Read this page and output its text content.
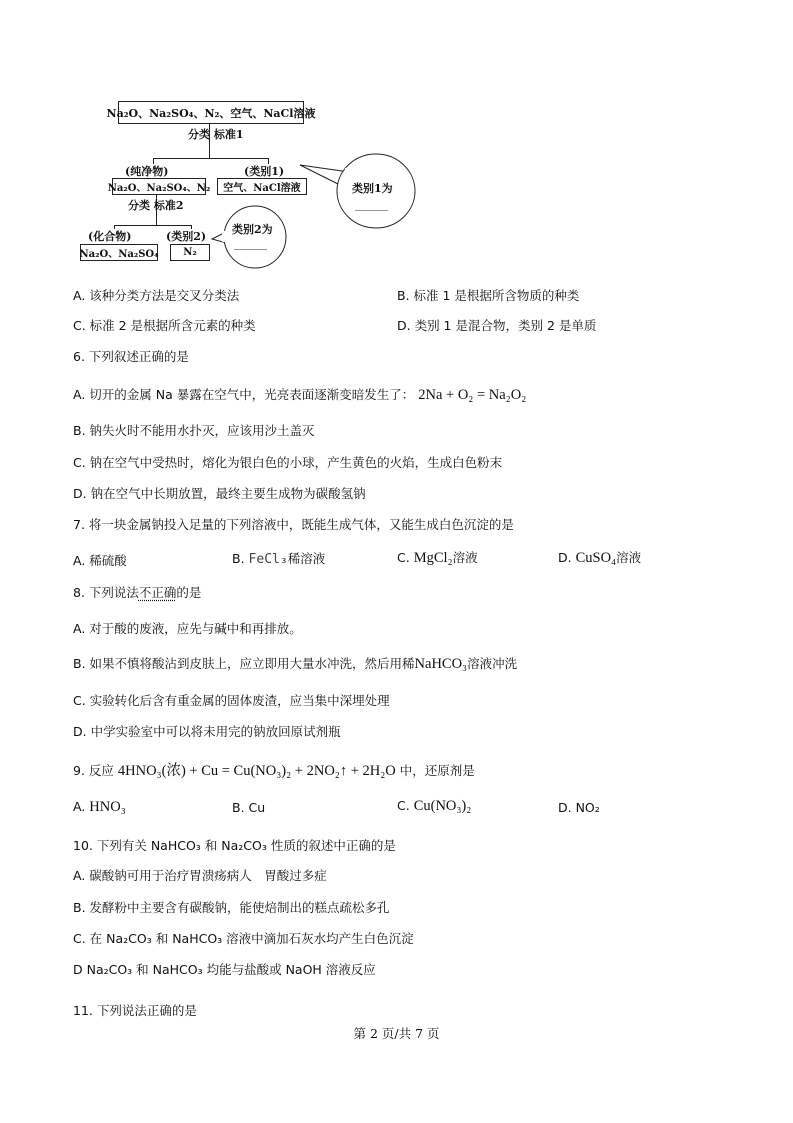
Na₂O、Na₂SO₄、N₂、空气、NaCl溶液
分类 标准1
(纯净物)
Na₂O、Na₂SO₄、N₂
(类别1)
空气、NaCl溶液	类别1为
______
分类 标准2
(化合物)
Na₂O、Na₂SO₄
(类别2)
N₂
类别2为
______
A. 该种分类方法是交叉分类法	B. 标准 1 是根据所含物质的种类
C. 标准 2 是根据所含元素的种类	D. 类别 1 是混合物，类别 2 是单质
6. 下列叙述正确的是
A. 切开的金属 Na 暴露在空气中，光亮表面逐渐变暗发生了： 2Na + O₂ = Na₂O₂
B. 钠失火时不能用水扑灭，应该用沙土盖灭
C. 钠在空气中受热时，熔化为银白色的小球，产生黄色的火焰，生成白色粉末
D. 钠在空气中长期放置，最终主要生成物为碳酸氢钠
7. 将一块金属钠投入足量的下列溶液中，既能生成气体，又能生成白色沉淀的是
A. 稀硫酸	B. FeCl₃稀溶液	C. MgCl₂溶液	D. CuSO₄溶液
8. 下列说法不正确的是
A. 对于酸的废液，应先与碱中和再排放。
B. 如果不慎将酸沾到皮肤上，应立即用大量水冲洗，然后用稀NaHCO₃溶液冲洗
C. 实验转化后含有重金属的固体废渣，应当集中深埋处理
D. 中学实验室中可以将未用完的钠放回原试剂瓶
9. 反应 4HNO₃(浓) + Cu = Cu(NO₃)₂ + 2NO₂↑ + 2H₂O 中，还原剂是
A. HNO₃	B. Cu	C. Cu(NO₃)₂	D. NO₂
10. 下列有关 NaHCO₃ 和 Na₂CO₃ 性质的叙述中正确的是
A. 碳酸钠可用于治疗胃溃疡病人　胃酸过多症
B. 发酵粉中主要含有碳酸钠，能使焙制出的糕点疏松多孔
C. 在 Na₂CO₃ 和 NaHCO₃ 溶液中滴加石灰水均产生白色沉淀
D Na₂CO₃ 和 NaHCO₃ 均能与盐酸或 NaOH 溶液反应
11. 下列说法正确的是
第 2 页/共 7 页
